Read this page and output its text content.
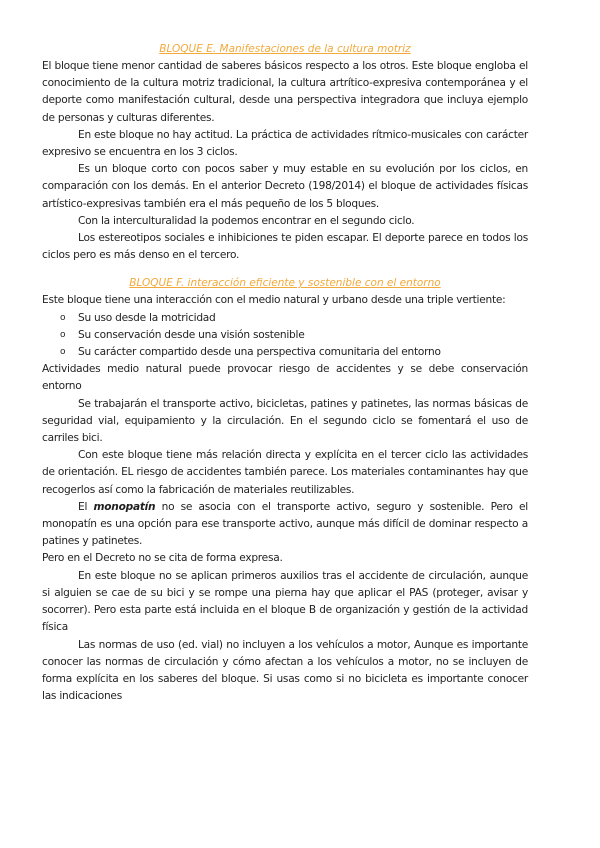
BLOQUE E. Manifestaciones de la cultura motriz

El bloque tiene menor cantidad de saberes básicos respecto a los otros. Este bloque engloba el conocimiento de la cultura motriz tradicional, la cultura artrítico-expresiva contemporánea y el deporte como manifestación cultural, desde una perspectiva integradora que incluya ejemplo de personas y culturas diferentes.

En este bloque no hay actitud. La práctica de actividades rítmico-musicales con carácter expresivo se encuentra en los 3 ciclos.

Es un bloque corto con pocos saber y muy estable en su evolución por los ciclos, en comparación con los demás. En el anterior Decreto (198/2014) el bloque de actividades físicas artístico-expresivas también era el más pequeño de los 5 bloques.

Con la interculturalidad la podemos encontrar en el segundo ciclo.

Los estereotipos sociales e inhibiciones te piden escapar. El deporte parece en todos los ciclos pero es más denso en el tercero.

BLOQUE F. interacción eficiente y sostenible con el entorno

Este bloque tiene una interacción con el medio natural y urbano desde una triple vertiente:

o Su uso desde la motricidad
o Su conservación desde una visión sostenible
o Su carácter compartido desde una perspectiva comunitaria del entorno

Actividades medio natural puede provocar riesgo de accidentes y se debe conservación entorno

Se trabajarán el transporte activo, bicicletas, patines y patinetes, las normas básicas de seguridad vial, equipamiento y la circulación. En el segundo ciclo se fomentará el uso de carriles bici.

Con este bloque tiene más relación directa y explícita en el tercer ciclo las actividades de orientación. EL riesgo de accidentes también parece. Los materiales contaminantes hay que recogerlos así como la fabricación de materiales reutilizables.

El monopatín no se asocia con el transporte activo, seguro y sostenible. Pero el monopatín es una opción para ese transporte activo, aunque más difícil de dominar respecto a patines y patinetes.

Pero en el Decreto no se cita de forma expresa.

En este bloque no se aplican primeros auxilios tras el accidente de circulación, aunque si alguien se cae de su bici y se rompe una pierna hay que aplicar el PAS (proteger, avisar y socorrer). Pero esta parte está incluida en el bloque B de organización y gestión de la actividad física

Las normas de uso (ed. vial) no incluyen a los vehículos a motor, Aunque es importante conocer las normas de circulación y cómo afectan a los vehículos a motor, no se incluyen de forma explícita en los saberes del bloque. Si usas como si no bicicleta es importante conocer las indicaciones
